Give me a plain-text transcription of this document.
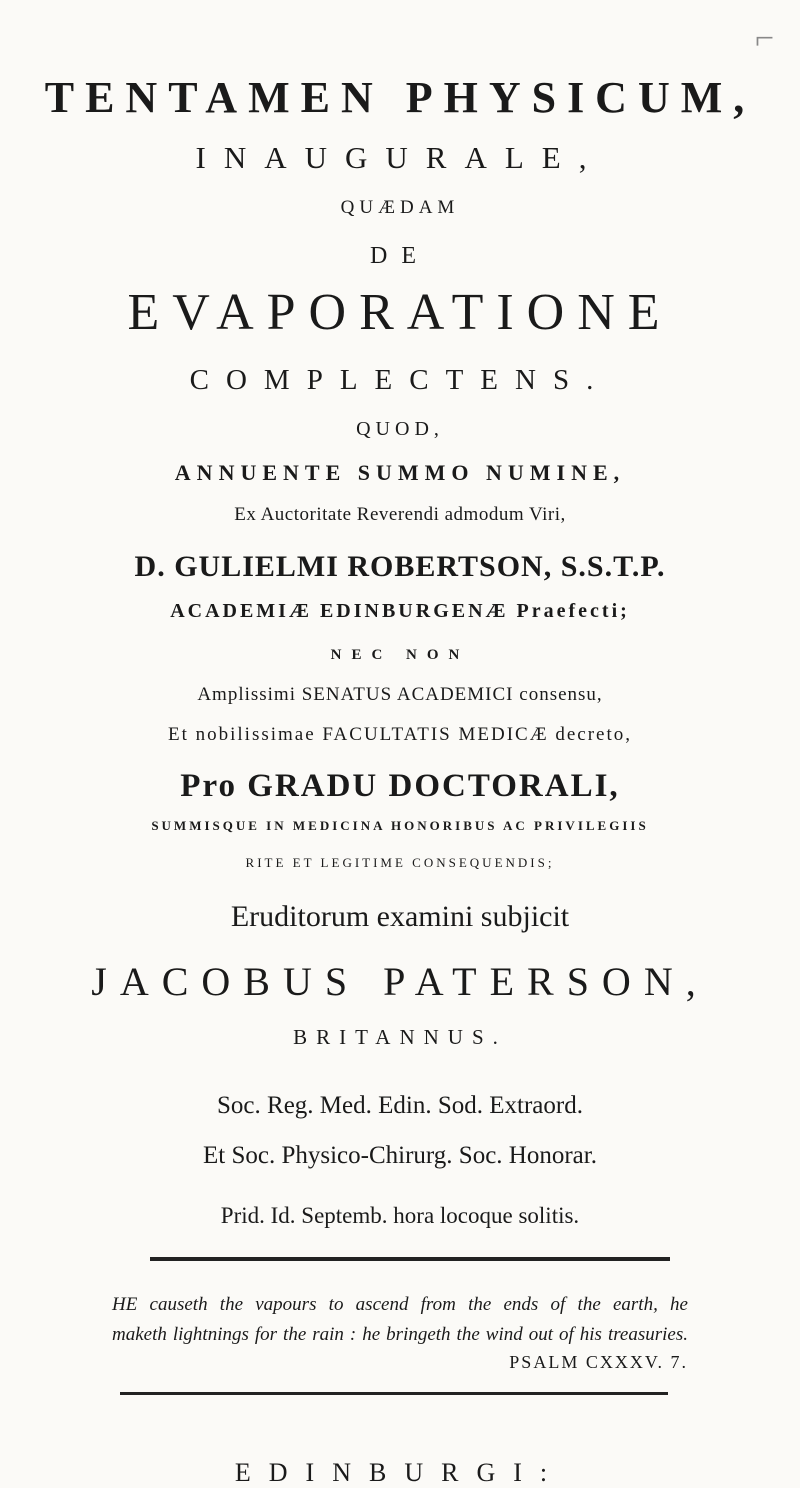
⌐
TENTAMEN PHYSICUM,
INAUGURALE,
QUÆDAM
DE
EVAPORATIONE
COMPLECTENS.
QUOD,
ANNUENTE SUMMO NUMINE,
Ex Auctoritate Reverendi admodum Viri,
D. GULIELMI ROBERTSON, S.S.T.P.
ACADEMIÆ EDINBURGENÆ Praefecti;
NEC NON
Amplissimi SENATUS ACADEMICI consensu,
Et nobilissimae FACULTATIS MEDICÆ decreto,
Pro GRADU DOCTORALI,
SUMMISQUE IN MEDICINA HONORIBUS AC PRIVILEGIIS
RITE ET LEGITIME CONSEQUENDIS;
Eruditorum examini subjicit
JACOBUS PATERSON,
BRITANNUS.
Soc. Reg. Med. Edin. Sod. Extraord.
Et Soc. Physico-Chirurg. Soc. Honorar.
Prid. Id. Septemb. hora locoque solitis.
HE causeth the vapours to ascend from the ends of the earth, he
maketh lightnings for the rain : he bringeth the wind out of his treasuries.
PSALM CXXXV. 7.
EDINBURGI:
